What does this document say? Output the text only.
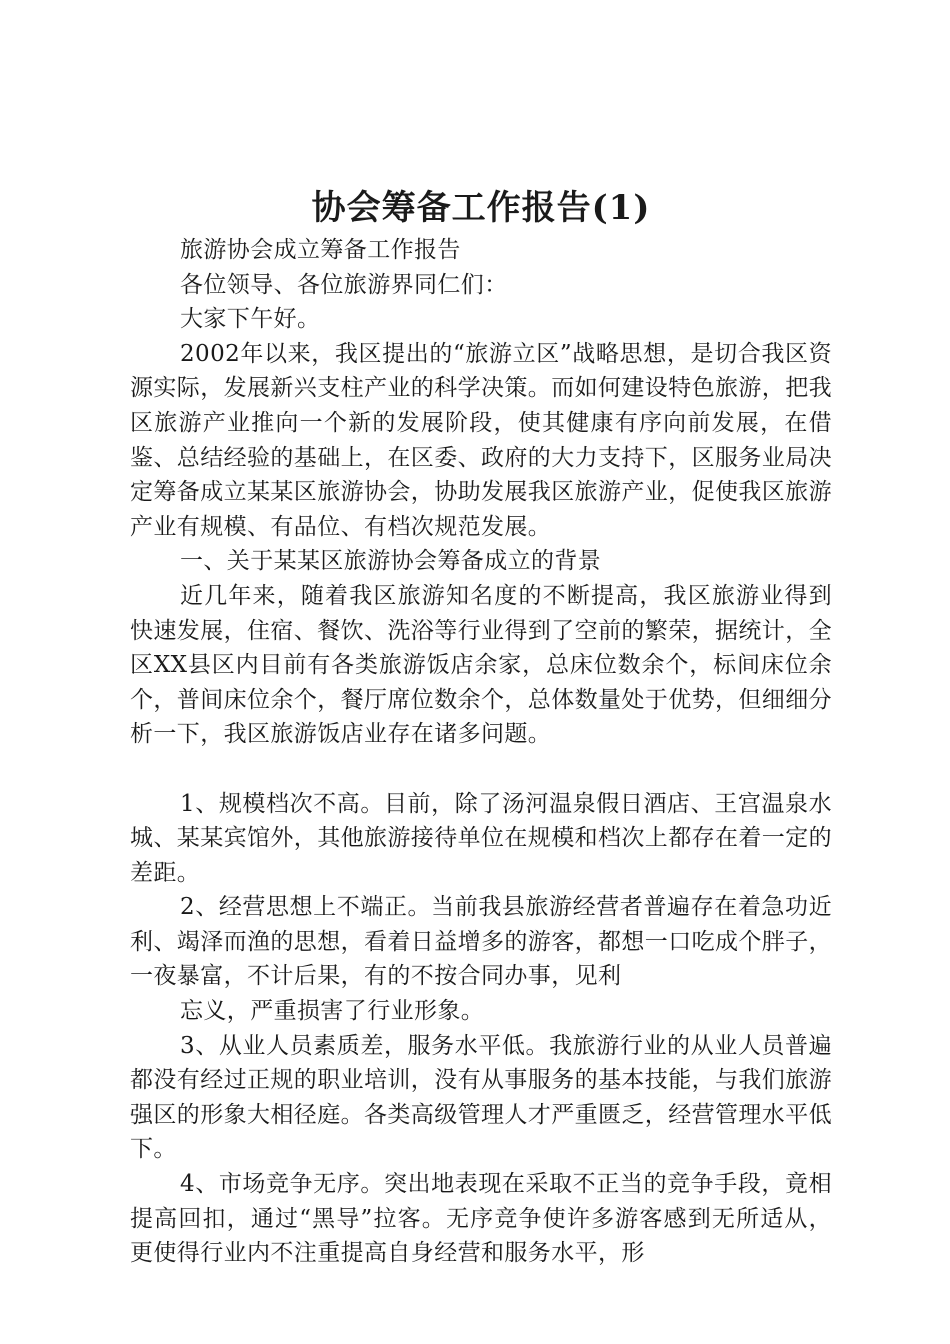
协会筹备工作报告(1)

旅游协会成立筹备工作报告

各位领导、各位旅游界同仁们：

大家下午好。

2002年以来，我区提出的“旅游立区”战略思想，是切合我区资源实际，发展新兴支柱产业的科学决策。而如何建设特色旅游，把我区旅游产业推向一个新的发展阶段，使其健康有序向前发展，在借鉴、总结经验的基础上，在区委、政府的大力支持下，区服务业局决定筹备成立某某区旅游协会，协助发展我区旅游产业，促使我区旅游产业有规模、有品位、有档次规范发展。

一、关于某某区旅游协会筹备成立的背景

近几年来，随着我区旅游知名度的不断提高，我区旅游业得到快速发展，住宿、餐饮、洗浴等行业得到了空前的繁荣，据统计，全区XX县区内目前有各类旅游饭店余家，总床位数余个，标间床位余个，普间床位余个，餐厅席位数余个，总体数量处于优势，但细细分析一下，我区旅游饭店业存在诸多问题。

1、规模档次不高。目前，除了汤河温泉假日酒店、王宫温泉水城、某某宾馆外，其他旅游接待单位在规模和档次上都存在着一定的差距。

2、经营思想上不端正。当前我县旅游经营者普遍存在着急功近利、竭泽而渔的思想，看着日益增多的游客，都想一口吃成个胖子，一夜暴富，不计后果，有的不按合同办事，见利

忘义，严重损害了行业形象。

3、从业人员素质差，服务水平低。我旅游行业的从业人员普遍都没有经过正规的职业培训，没有从事服务的基本技能，与我们旅游强区的形象大相径庭。各类高级管理人才严重匮乏，经营管理水平低下。

4、市场竞争无序。突出地表现在采取不正当的竞争手段，竟相提高回扣，通过“黑导”拉客。无序竞争使许多游客感到无所适从，更使得行业内不注重提高自身经营和服务水平，形
